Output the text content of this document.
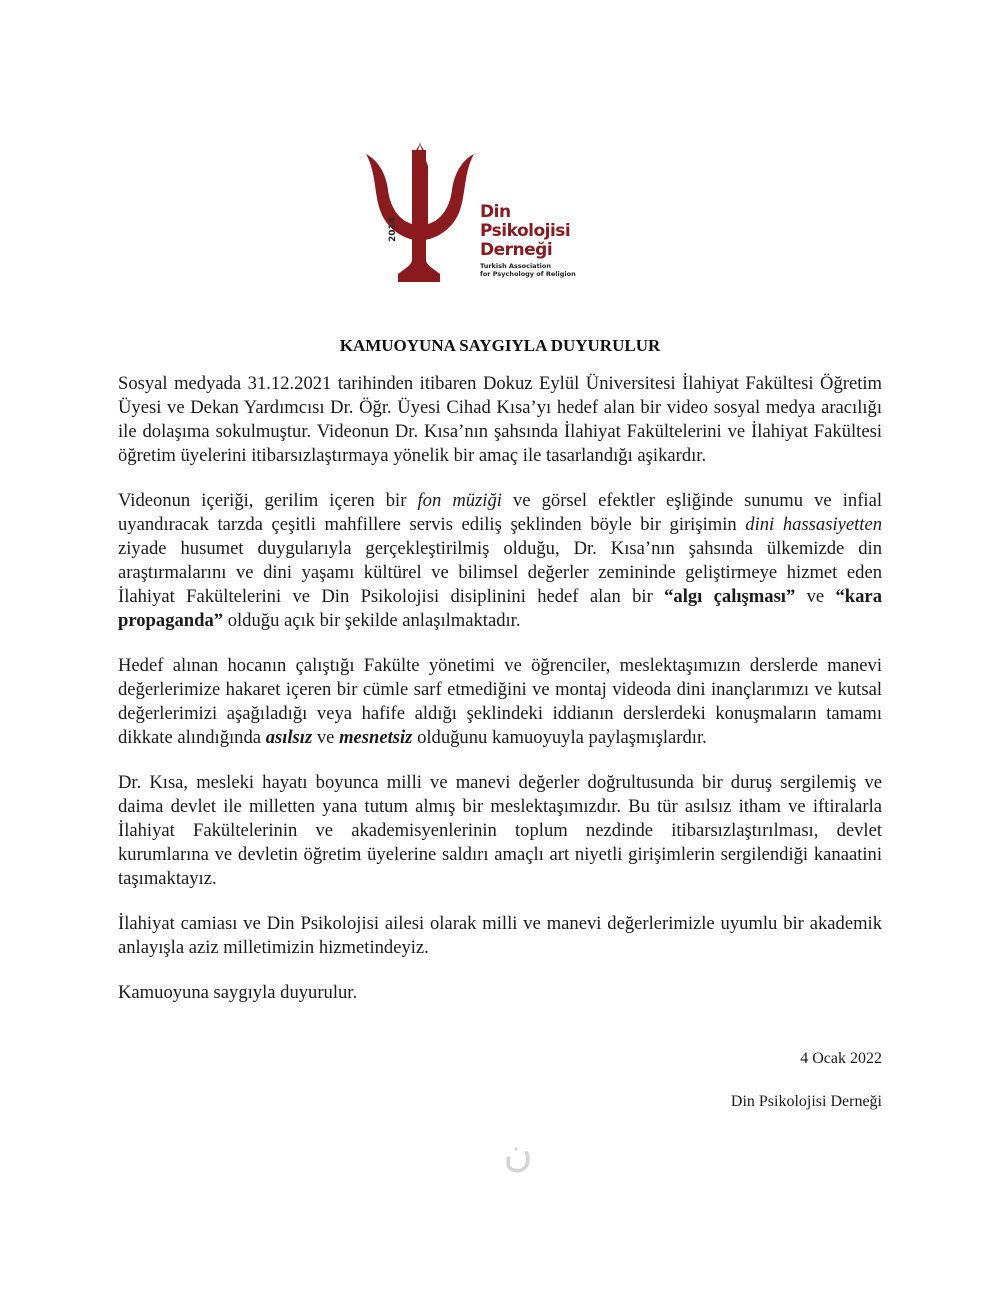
2014
Din
Psikolojisi
Derneği
Turkish Association
for Psychology of Religion
KAMUOYUNA SAYGIYLA DUYURULUR

Sosyal medyada 31.12.2021 tarihinden itibaren Dokuz Eylül Üniversitesi İlahiyat Fakültesi Öğretim Üyesi ve Dekan Yardımcısı Dr. Öğr. Üyesi Cihad Kısa’yı hedef alan bir video sosyal medya aracılığı ile dolaşıma sokulmuştur. Videonun Dr. Kısa’nın şahsında İlahiyat Fakültelerini ve İlahiyat Fakültesi öğretim üyelerini itibarsızlaştırmaya yönelik bir amaç ile tasarlandığı aşikardır.

Videonun içeriği, gerilim içeren bir fon müziği ve görsel efektler eşliğinde sunumu ve infial uyandıracak tarzda çeşitli mahfillere servis ediliş şeklinden böyle bir girişimin dini hassasiyetten ziyade husumet duygularıyla gerçekleştirilmiş olduğu, Dr. Kısa’nın şahsında ülkemizde din araştırmalarını ve dini yaşamı kültürel ve bilimsel değerler zemininde geliştirmeye hizmet eden İlahiyat Fakültelerini ve Din Psikolojisi disiplinini hedef alan bir “algı çalışması” ve “kara propaganda” olduğu açık bir şekilde anlaşılmaktadır.

Hedef alınan hocanın çalıştığı Fakülte yönetimi ve öğrenciler, meslektaşımızın derslerde manevi değerlerimize hakaret içeren bir cümle sarf etmediğini ve montaj videoda dini inançlarımızı ve kutsal değerlerimizi aşağıladığı veya hafife aldığı şeklindeki iddianın derslerdeki konuşmaların tamamı dikkate alındığında asılsız ve mesnetsiz olduğunu kamuoyuyla paylaşmışlardır.

Dr. Kısa, mesleki hayatı boyunca milli ve manevi değerler doğrultusunda bir duruş sergilemiş ve daima devlet ile milletten yana tutum almış bir meslektaşımızdır. Bu tür asılsız itham ve iftiralarla İlahiyat Fakültelerinin ve akademisyenlerinin toplum nezdinde itibarsızlaştırılması, devlet kurumlarına ve devletin öğretim üyelerine saldırı amaçlı art niyetli girişimlerin sergilendiği kanaatini taşımaktayız.

İlahiyat camiası ve Din Psikolojisi ailesi olarak milli ve manevi değerlerimizle uyumlu bir akademik anlayışla aziz milletimizin hizmetindeyiz.

Kamuoyuna saygıyla duyurulur.

4 Ocak 2022
Din Psikolojisi Derneği
ن
